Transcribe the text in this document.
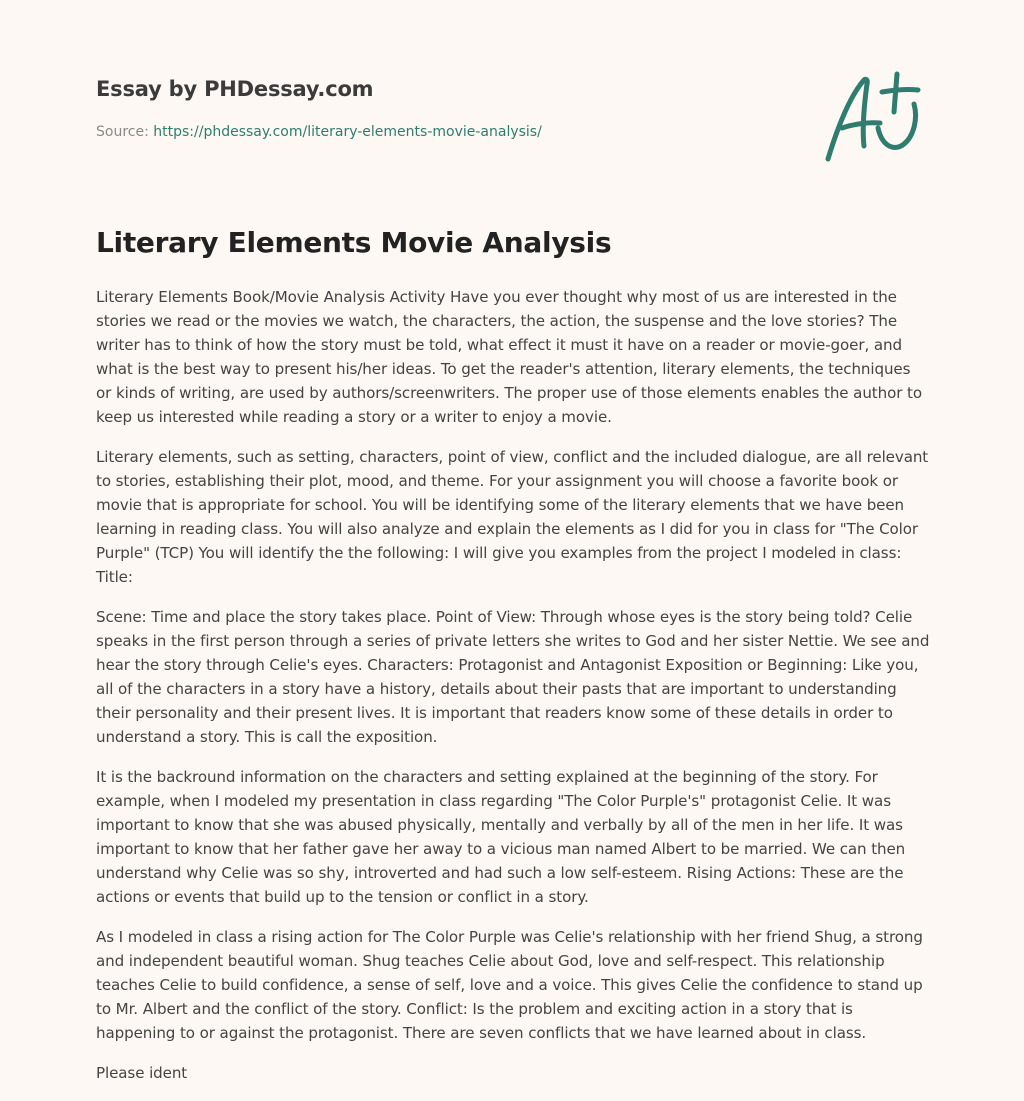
Essay by PHDessay.com

Source: https://phdessay.com/literary-elements-movie-analysis/

Literary Elements Movie Analysis

Literary Elements Book/Movie Analysis Activity Have you ever thought why most of us are interested in the stories we read or the movies we watch, the characters, the action, the suspense and the love stories? The writer has to think of how the story must be told, what effect it must it have on a reader or movie-goer, and what is the best way to present his/her ideas. To get the reader's attention, literary elements, the techniques or kinds of writing, are used by authors/screenwriters. The proper use of those elements enables the author to keep us interested while reading a story or a writer to enjoy a movie.

Literary elements, such as setting, characters, point of view, conflict and the included dialogue, are all relevant to stories, establishing their plot, mood, and theme. For your assignment you will choose a favorite book or movie that is appropriate for school. You will be identifying some of the literary elements that we have been learning in reading class. You will also analyze and explain the elements as I did for you in class for "The Color Purple" (TCP) You will identify the the following: I will give you examples from the project I modeled in class: Title:

Scene: Time and place the story takes place. Point of View: Through whose eyes is the story being told? Celie speaks in the first person through a series of private letters she writes to God and her sister Nettie. We see and hear the story through Celie's eyes. Characters: Protagonist and Antagonist Exposition or Beginning: Like you, all of the characters in a story have a history, details about their pasts that are important to understanding their personality and their present lives. It is important that readers know some of these details in order to understand a story. This is call the exposition.

It is the backround information on the characters and setting explained at the beginning of the story. For example, when I modeled my presentation in class regarding "The Color Purple's" protagonist Celie. It was important to know that she was abused physically, mentally and verbally by all of the men in her life. It was important to know that her father gave her away to a vicious man named Albert to be married. We can then understand why Celie was so shy, introverted and had such a low self-esteem. Rising Actions: These are the actions or events that build up to the tension or conflict in a story.

As I modeled in class a rising action for The Color Purple was Celie's relationship with her friend Shug, a strong and independent beautiful woman. Shug teaches Celie about God, love and self-respect. This relationship teaches Celie to build confidence, a sense of self, love and a voice. This gives Celie the confidence to stand up to Mr. Albert and the conflict of the story. Conflict: Is the problem and exciting action in a story that is happening to or against the protagonist. There are seven conflicts that we have learned about in class.

Please ident
